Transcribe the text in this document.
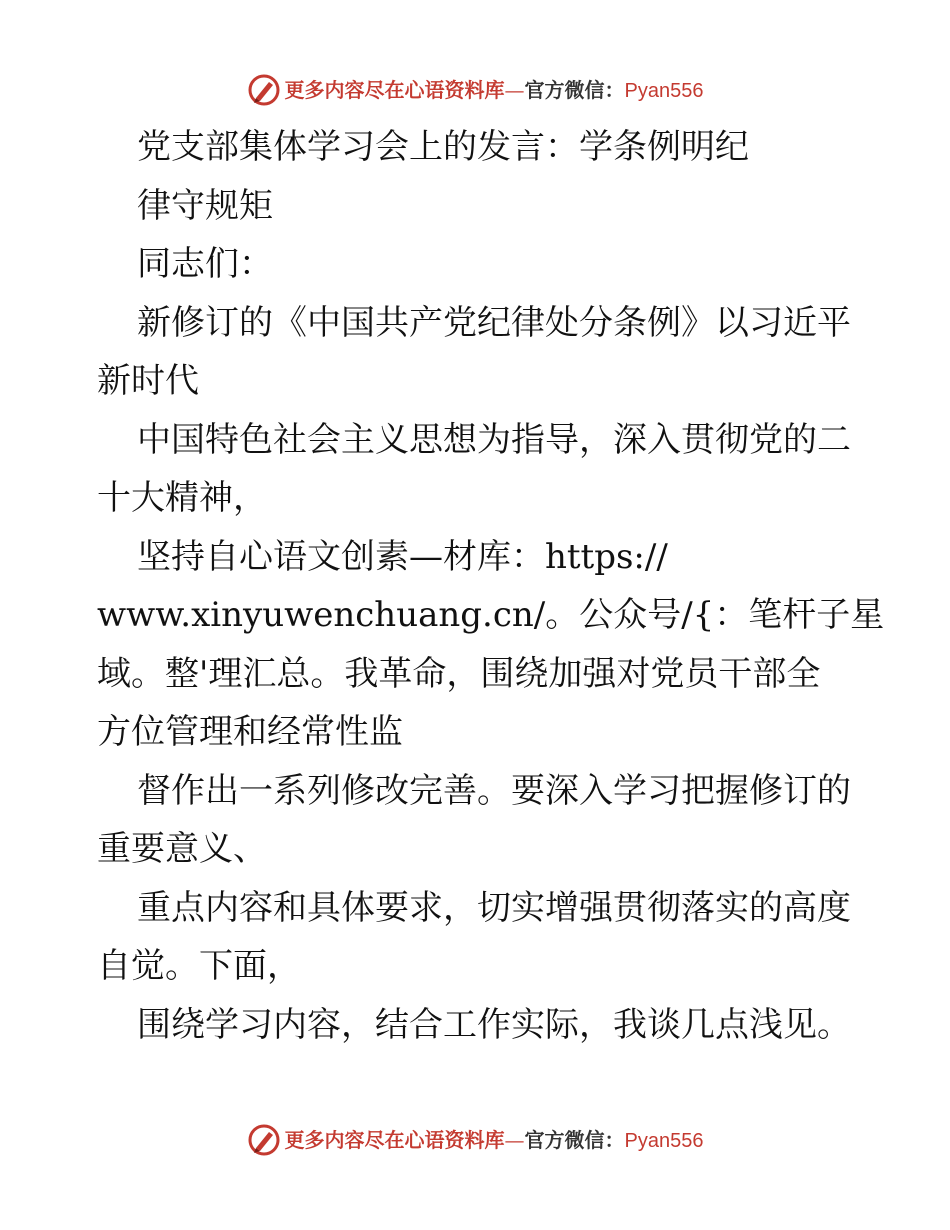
更多内容尽在心语资料库—官方微信：Pyan556
党支部集体学习会上的发言：学条例明纪
律守规矩
同志们：
新修订的《中国共产党纪律处分条例》以习近平
新时代
中国特色社会主义思想为指导，深入贯彻党的二
十大精神，
坚持自心语文创素—材库：https://
www.xinyuwenchuang.cn/。公众号/{：笔杆子星
域。整'理汇总。我革命，围绕加强对党员干部全
方位管理和经常性监
督作出一系列修改完善。要深入学习把握修订的
重要意义、
重点内容和具体要求，切实增强贯彻落实的高度
自觉。下面，
围绕学习内容，结合工作实际，我谈几点浅见。
更多内容尽在心语资料库—官方微信：Pyan556
